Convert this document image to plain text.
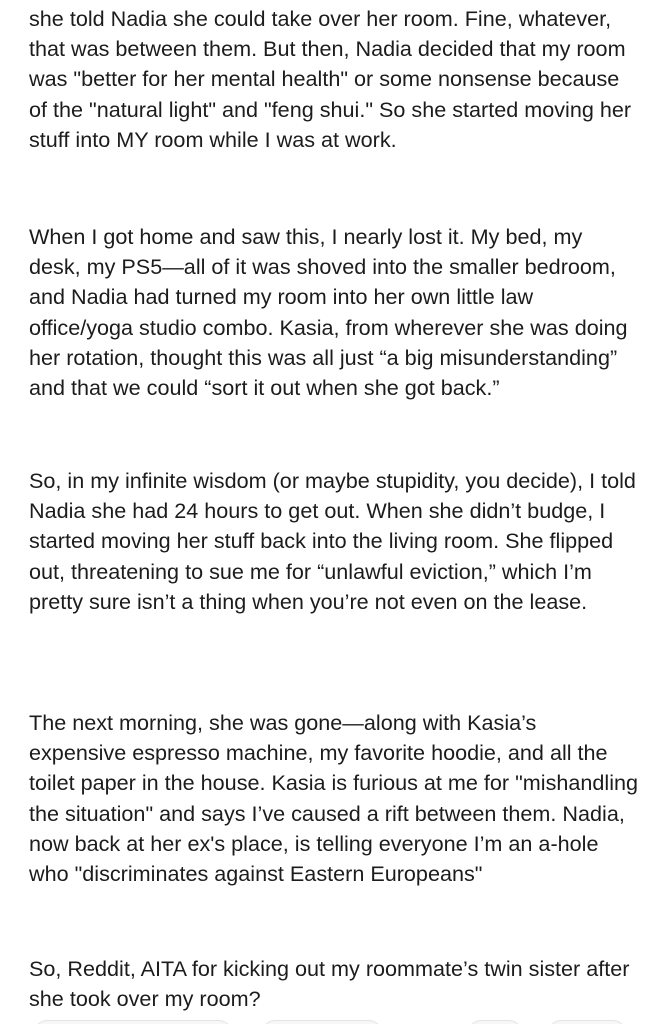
she told Nadia she could take over her room. Fine, whatever, that was between them. But then, Nadia decided that my room was "better for her mental health" or some nonsense because of the "natural light" and "feng shui." So she started moving her stuff into MY room while I was at work.

When I got home and saw this, I nearly lost it. My bed, my desk, my PS5—all of it was shoved into the smaller bedroom, and Nadia had turned my room into her own little law office/yoga studio combo. Kasia, from wherever she was doing her rotation, thought this was all just “a big misunderstanding” and that we could “sort it out when she got back.”

So, in my infinite wisdom (or maybe stupidity, you decide), I told Nadia she had 24 hours to get out. When she didn’t budge, I started moving her stuff back into the living room. She flipped out, threatening to sue me for “unlawful eviction,” which I’m pretty sure isn’t a thing when you’re not even on the lease.

The next morning, she was gone—along with Kasia’s expensive espresso machine, my favorite hoodie, and all the toilet paper in the house. Kasia is furious at me for "mishandling the situation" and says I’ve caused a rift between them. Nadia, now back at her ex's place, is telling everyone I’m an a-hole who "discriminates against Eastern Europeans"

So, Reddit, AITA for kicking out my roommate’s twin sister after she took over my room?
